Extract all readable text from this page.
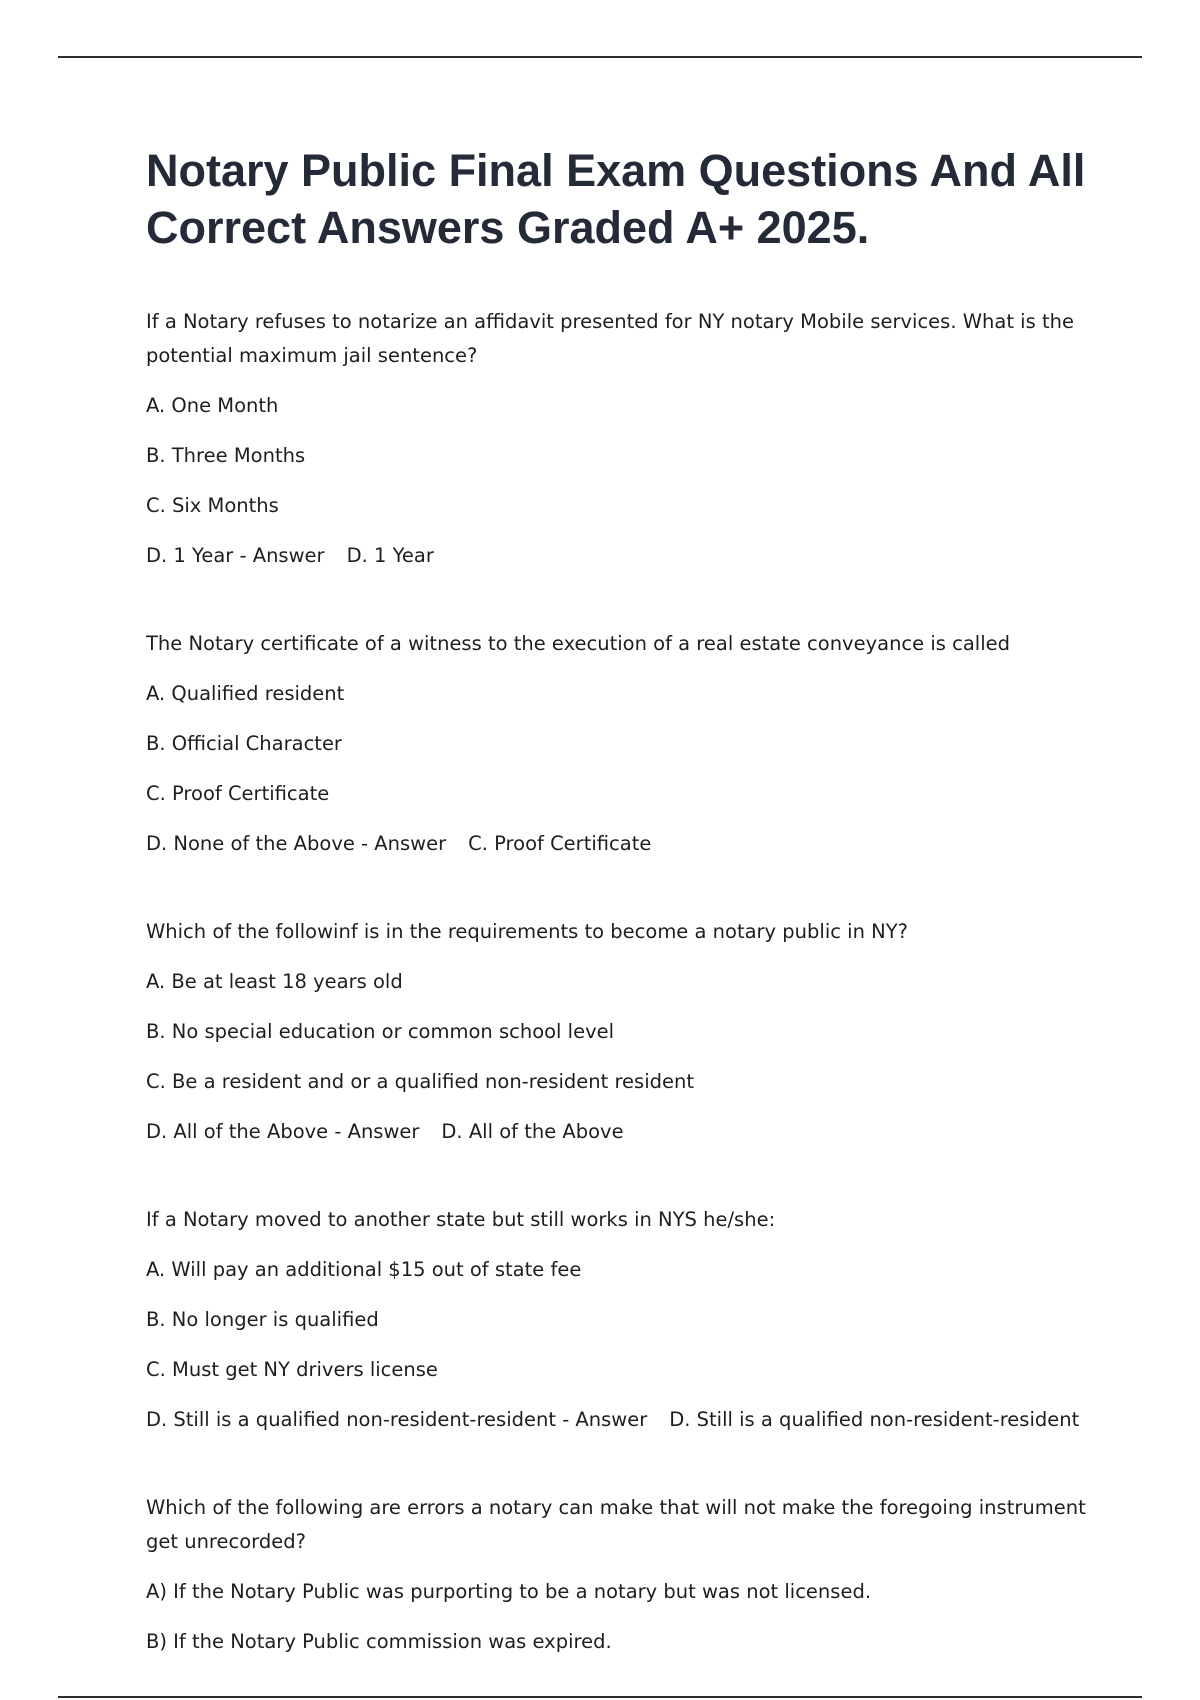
Notary Public Final Exam Questions And All Correct Answers Graded A+ 2025.

If a Notary refuses to notarize an affidavit presented for NY notary Mobile services. What is the potential maximum jail sentence?

A. One Month

B. Three Months

C. Six Months

D. 1 Year - Answer D. 1 Year

The Notary certificate of a witness to the execution of a real estate conveyance is called

A. Qualified resident

B. Official Character

C. Proof Certificate

D. None of the Above - Answer C. Proof Certificate

Which of the followinf is in the requirements to become a notary public in NY?

A. Be at least 18 years old

B. No special education or common school level

C. Be a resident and or a qualified non-resident resident

D. All of the Above - Answer D. All of the Above

If a Notary moved to another state but still works in NYS he/she:

A. Will pay an additional $15 out of state fee

B. No longer is qualified

C. Must get NY drivers license

D. Still is a qualified non-resident-resident - Answer D. Still is a qualified non-resident-resident

Which of the following are errors a notary can make that will not make the foregoing instrument get unrecorded?

A) If the Notary Public was purporting to be a notary but was not licensed.

B) If the Notary Public commission was expired.
